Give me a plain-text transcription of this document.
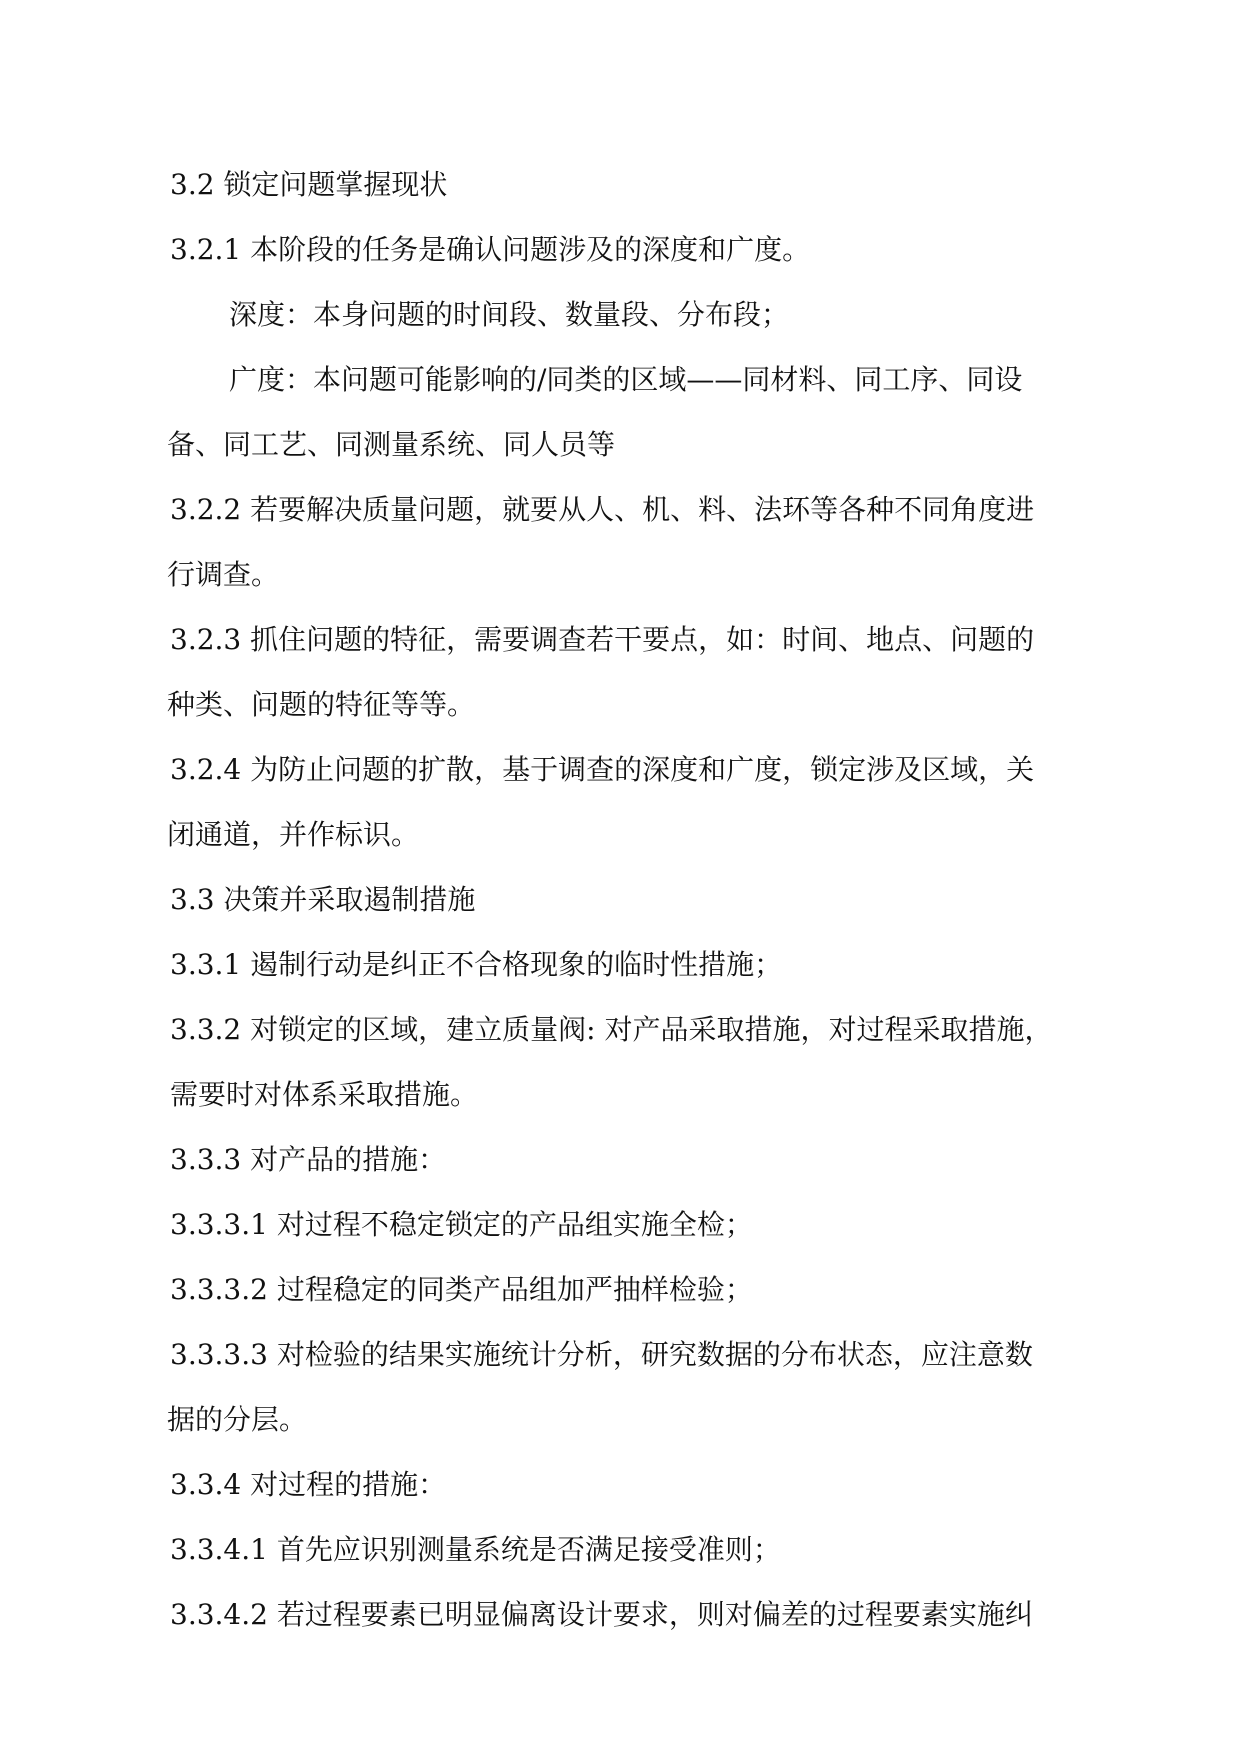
3.2 锁定问题掌握现状
3.2.1 本阶段的任务是确认问题涉及的深度和广度。
深度：本身问题的时间段、数量段、分布段；
广度：本问题可能影响的/同类的区域——同材料、同工序、同设
备、同工艺、同测量系统、同人员等
3.2.2 若要解决质量问题，就要从人、机、料、法环等各种不同角度进
行调查。
3.2.3 抓住问题的特征，需要调查若干要点，如：时间、地点、问题的
种类、问题的特征等等。
3.2.4 为防止问题的扩散，基于调查的深度和广度，锁定涉及区域，关
闭通道，并作标识。
3.3 决策并采取遏制措施
3.3.1 遏制行动是纠正不合格现象的临时性措施；
3.3.2 对锁定的区域，建立质量阀: 对产品采取措施，对过程采取措施，
需要时对体系采取措施。
3.3.3 对产品的措施：
3.3.3.1 对过程不稳定锁定的产品组实施全检；
3.3.3.2 过程稳定的同类产品组加严抽样检验；
3.3.3.3 对检验的结果实施统计分析，研究数据的分布状态，应注意数
据的分层。
3.3.4 对过程的措施：
3.3.4.1 首先应识别测量系统是否满足接受准则；
3.3.4.2 若过程要素已明显偏离设计要求，则对偏差的过程要素实施纠
